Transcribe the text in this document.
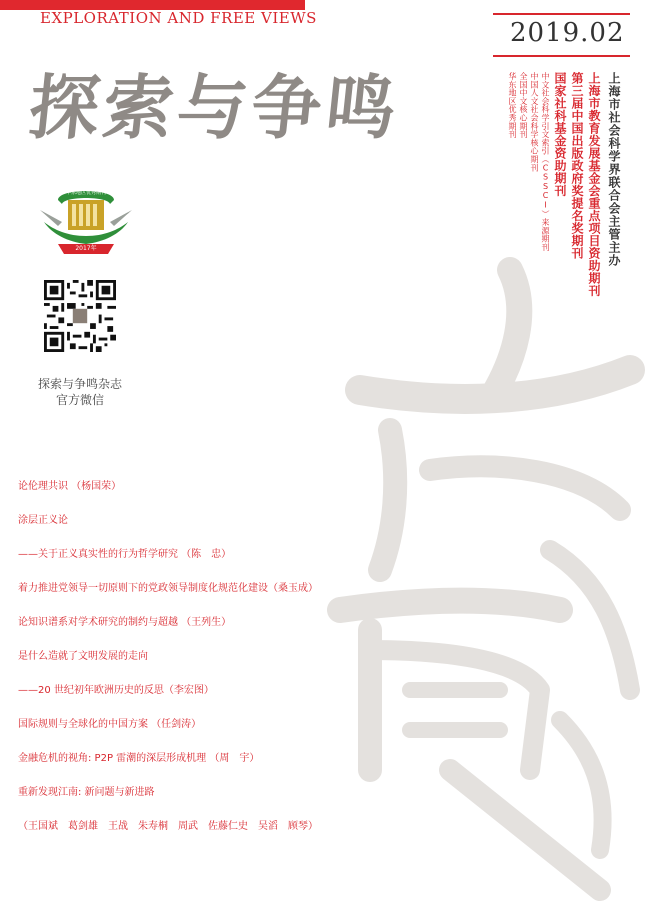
EXPLORATION AND FREE VIEWS
探索与争鸣
2019.02
上海市社会科学界联合会主管主办
上海市教育发展基金会重点项目资助期刊
第三届中国出版政府奖提名奖期刊
国家社科基金资助期刊
中文社会科学引文索引（CSSCI）来源期刊
中国人文社会科学核心期刊
全国中文核心期刊
华东地区优秀期刊
2017年
华东地区优秀期刊
探索与争鸣杂志
官方微信
论伦理共识 （杨国荣）
涂层正义论
——关于正义真实性的行为哲学研究 （陈　忠）
着力推进党领导一切原则下的党政领导制度化规范化建设（桑玉成）
论知识谱系对学术研究的制约与超越 （王列生）
是什么造就了文明发展的走向
——20 世纪初年欧洲历史的反思（李宏图）
国际规则与全球化的中国方案 （任剑涛）
金融危机的视角: P2P 雷潮的深层形成机理 （周　宇）
重新发现江南: 新问题与新进路
（王国斌　葛剑雄　王战　朱寿桐　周武　佐藤仁史　吴滔　顾琴）
